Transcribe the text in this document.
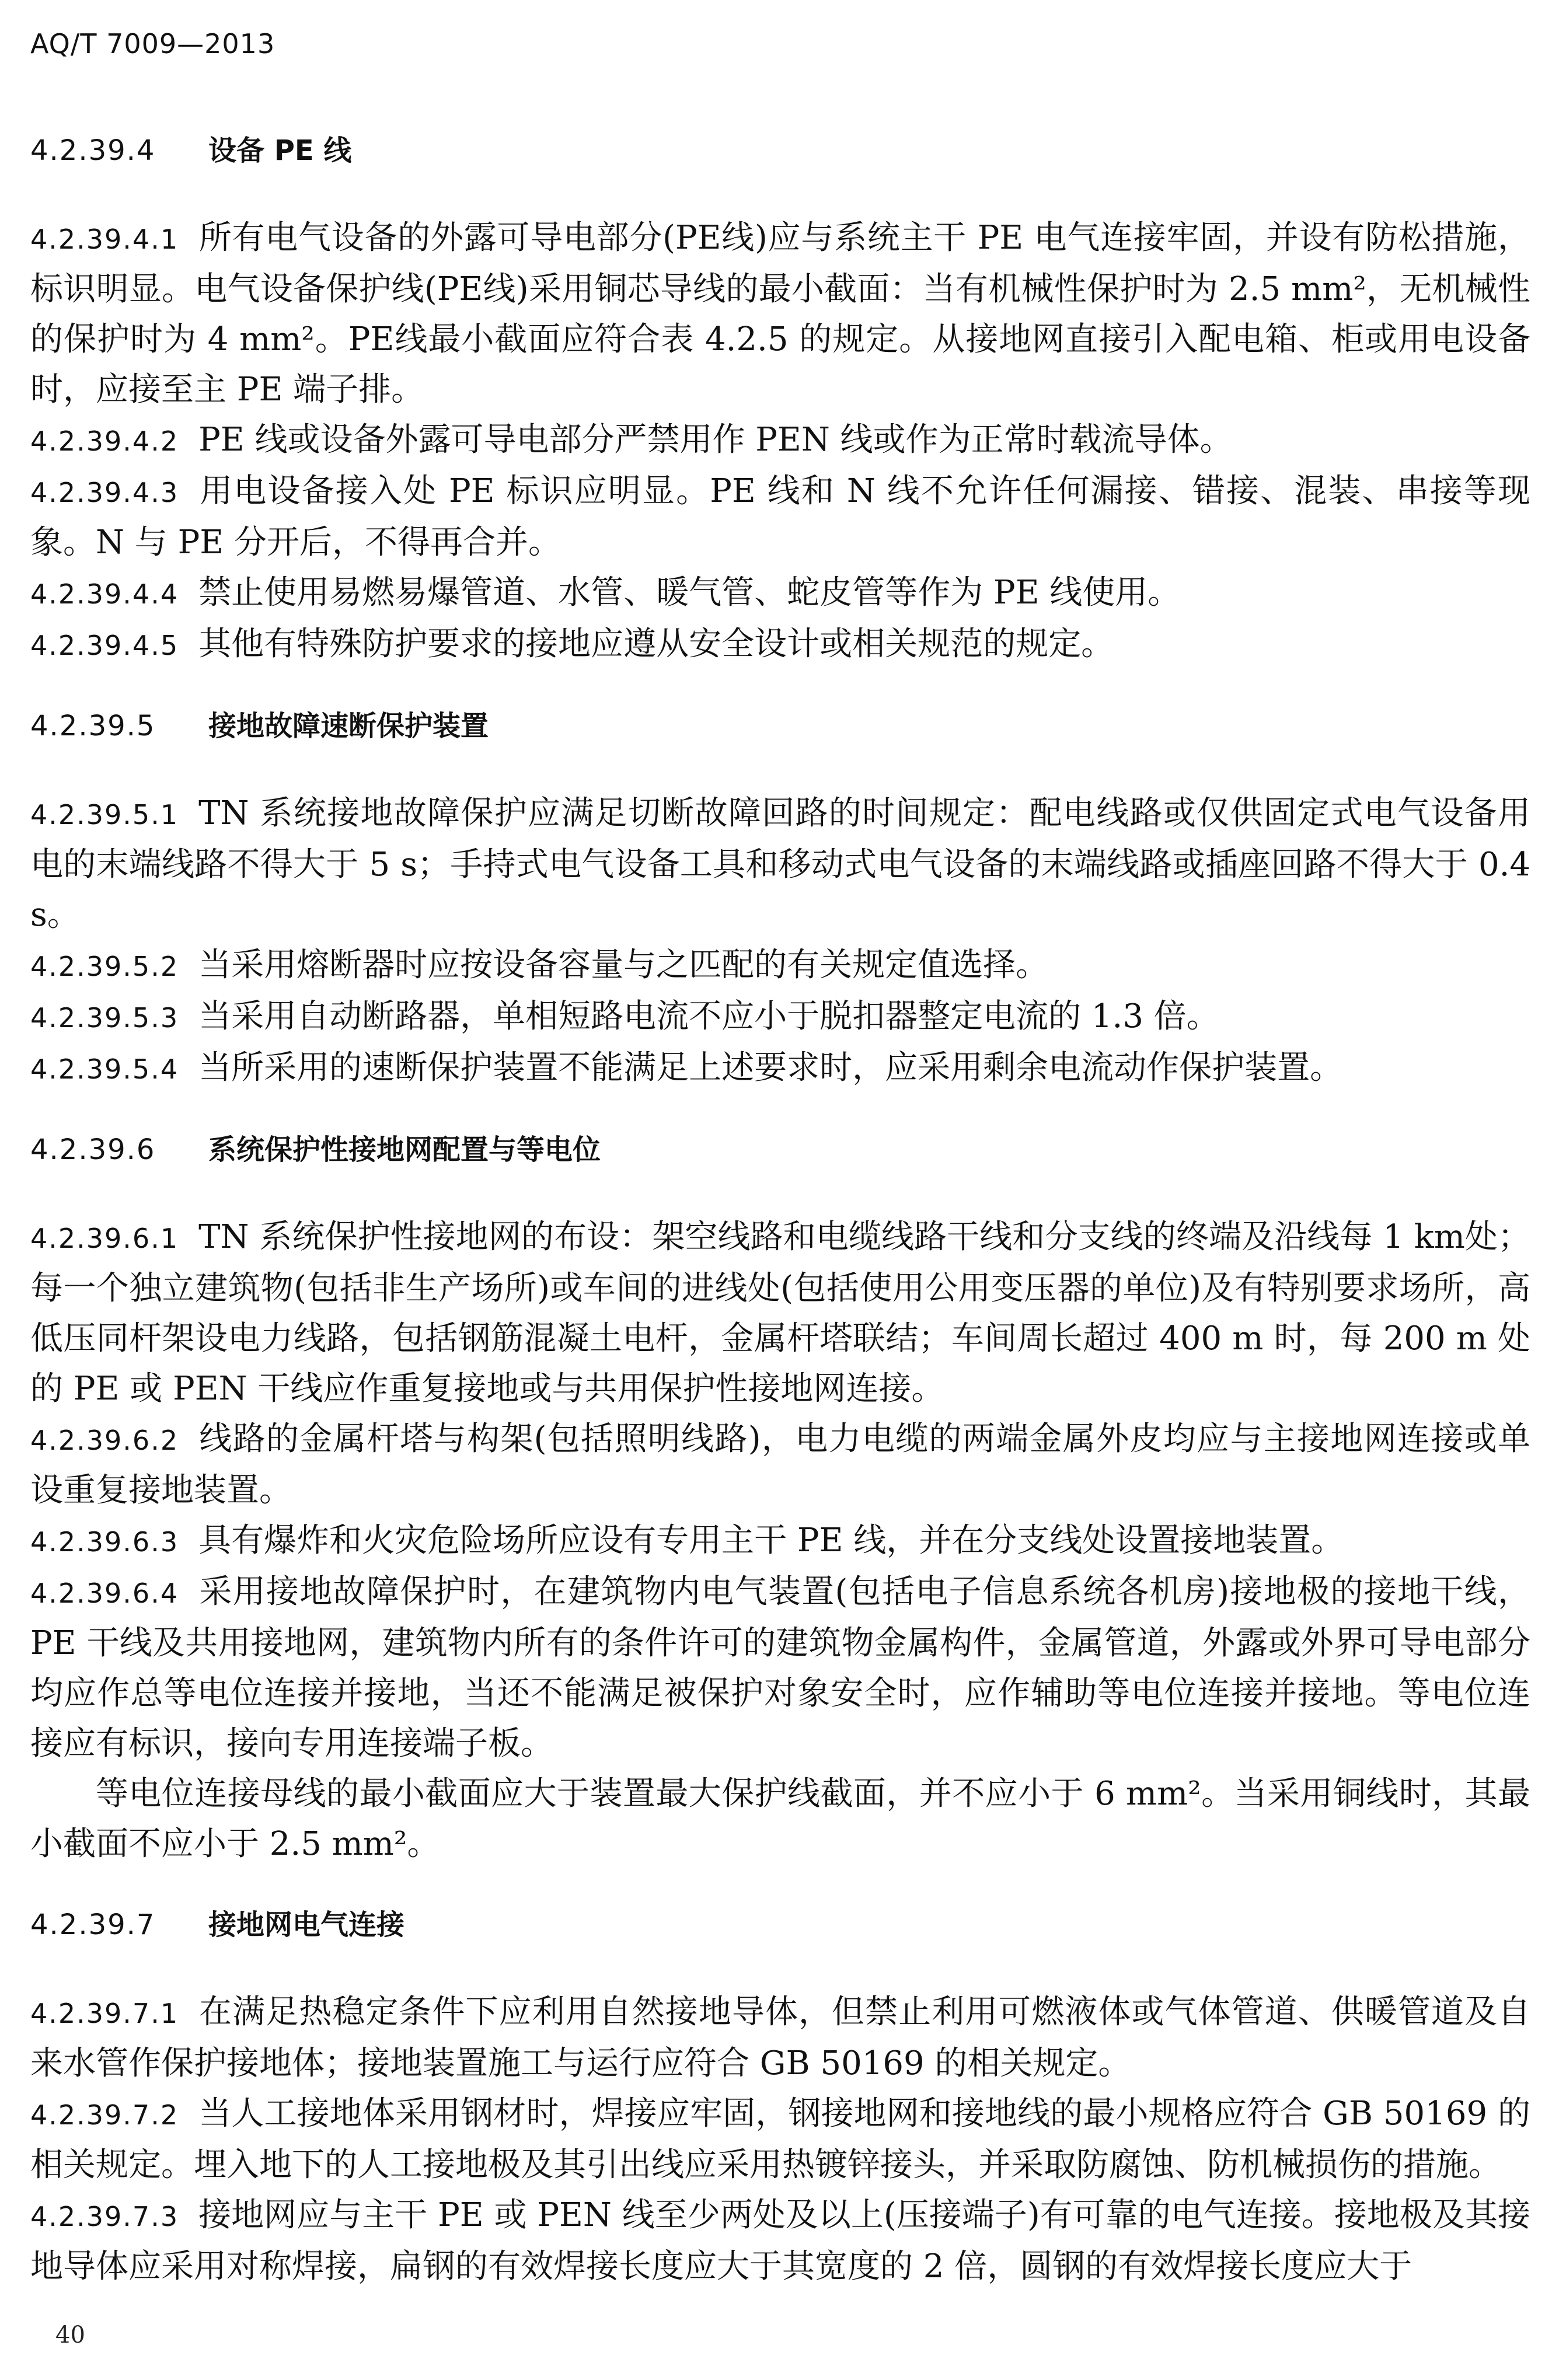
AQ/T 7009—2013
4.2.39.4 设备 PE 线

4.2.39.4.1 所有电气设备的外露可导电部分(PE线)应与系统主干 PE 电气连接牢固，并设有防松措施，标识明显。电气设备保护线(PE线)采用铜芯导线的最小截面：当有机械性保护时为 2.5 mm²，无机械性的保护时为 4 mm²。PE线最小截面应符合表 4.2.5 的规定。从接地网直接引入配电箱、柜或用电设备时，应接至主 PE 端子排。

4.2.39.4.2 PE 线或设备外露可导电部分严禁用作 PEN 线或作为正常时载流导体。

4.2.39.4.3 用电设备接入处 PE 标识应明显。PE 线和 N 线不允许任何漏接、错接、混装、串接等现象。N 与 PE 分开后，不得再合并。

4.2.39.4.4 禁止使用易燃易爆管道、水管、暖气管、蛇皮管等作为 PE 线使用。

4.2.39.4.5 其他有特殊防护要求的接地应遵从安全设计或相关规范的规定。

4.2.39.5 接地故障速断保护装置

4.2.39.5.1 TN 系统接地故障保护应满足切断故障回路的时间规定：配电线路或仅供固定式电气设备用电的末端线路不得大于 5 s；手持式电气设备工具和移动式电气设备的末端线路或插座回路不得大于 0.4 s。

4.2.39.5.2 当采用熔断器时应按设备容量与之匹配的有关规定值选择。

4.2.39.5.3 当采用自动断路器，单相短路电流不应小于脱扣器整定电流的 1.3 倍。

4.2.39.5.4 当所采用的速断保护装置不能满足上述要求时，应采用剩余电流动作保护装置。

4.2.39.6 系统保护性接地网配置与等电位

4.2.39.6.1 TN 系统保护性接地网的布设：架空线路和电缆线路干线和分支线的终端及沿线每 1 km处；每一个独立建筑物(包括非生产场所)或车间的进线处(包括使用公用变压器的单位)及有特别要求场所，高低压同杆架设电力线路，包括钢筋混凝土电杆，金属杆塔联结；车间周长超过 400 m 时，每 200 m 处的 PE 或 PEN 干线应作重复接地或与共用保护性接地网连接。

4.2.39.6.2 线路的金属杆塔与构架(包括照明线路)，电力电缆的两端金属外皮均应与主接地网连接或单设重复接地装置。

4.2.39.6.3 具有爆炸和火灾危险场所应设有专用主干 PE 线，并在分支线处设置接地装置。

4.2.39.6.4 采用接地故障保护时，在建筑物内电气装置(包括电子信息系统各机房)接地极的接地干线，PE 干线及共用接地网，建筑物内所有的条件许可的建筑物金属构件，金属管道，外露或外界可导电部分均应作总等电位连接并接地，当还不能满足被保护对象安全时，应作辅助等电位连接并接地。等电位连接应有标识，接向专用连接端子板。

等电位连接母线的最小截面应大于装置最大保护线截面，并不应小于 6 mm²。当采用铜线时，其最小截面不应小于 2.5 mm²。

4.2.39.7 接地网电气连接

4.2.39.7.1 在满足热稳定条件下应利用自然接地导体，但禁止利用可燃液体或气体管道、供暖管道及自来水管作保护接地体；接地装置施工与运行应符合 GB 50169 的相关规定。

4.2.39.7.2 当人工接地体采用钢材时，焊接应牢固，钢接地网和接地线的最小规格应符合 GB 50169 的相关规定。埋入地下的人工接地极及其引出线应采用热镀锌接头，并采取防腐蚀、防机械损伤的措施。

4.2.39.7.3 接地网应与主干 PE 或 PEN 线至少两处及以上(压接端子)有可靠的电气连接。接地极及其接地导体应采用对称焊接，扁钢的有效焊接长度应大于其宽度的 2 倍，圆钢的有效焊接长度应大于

40
